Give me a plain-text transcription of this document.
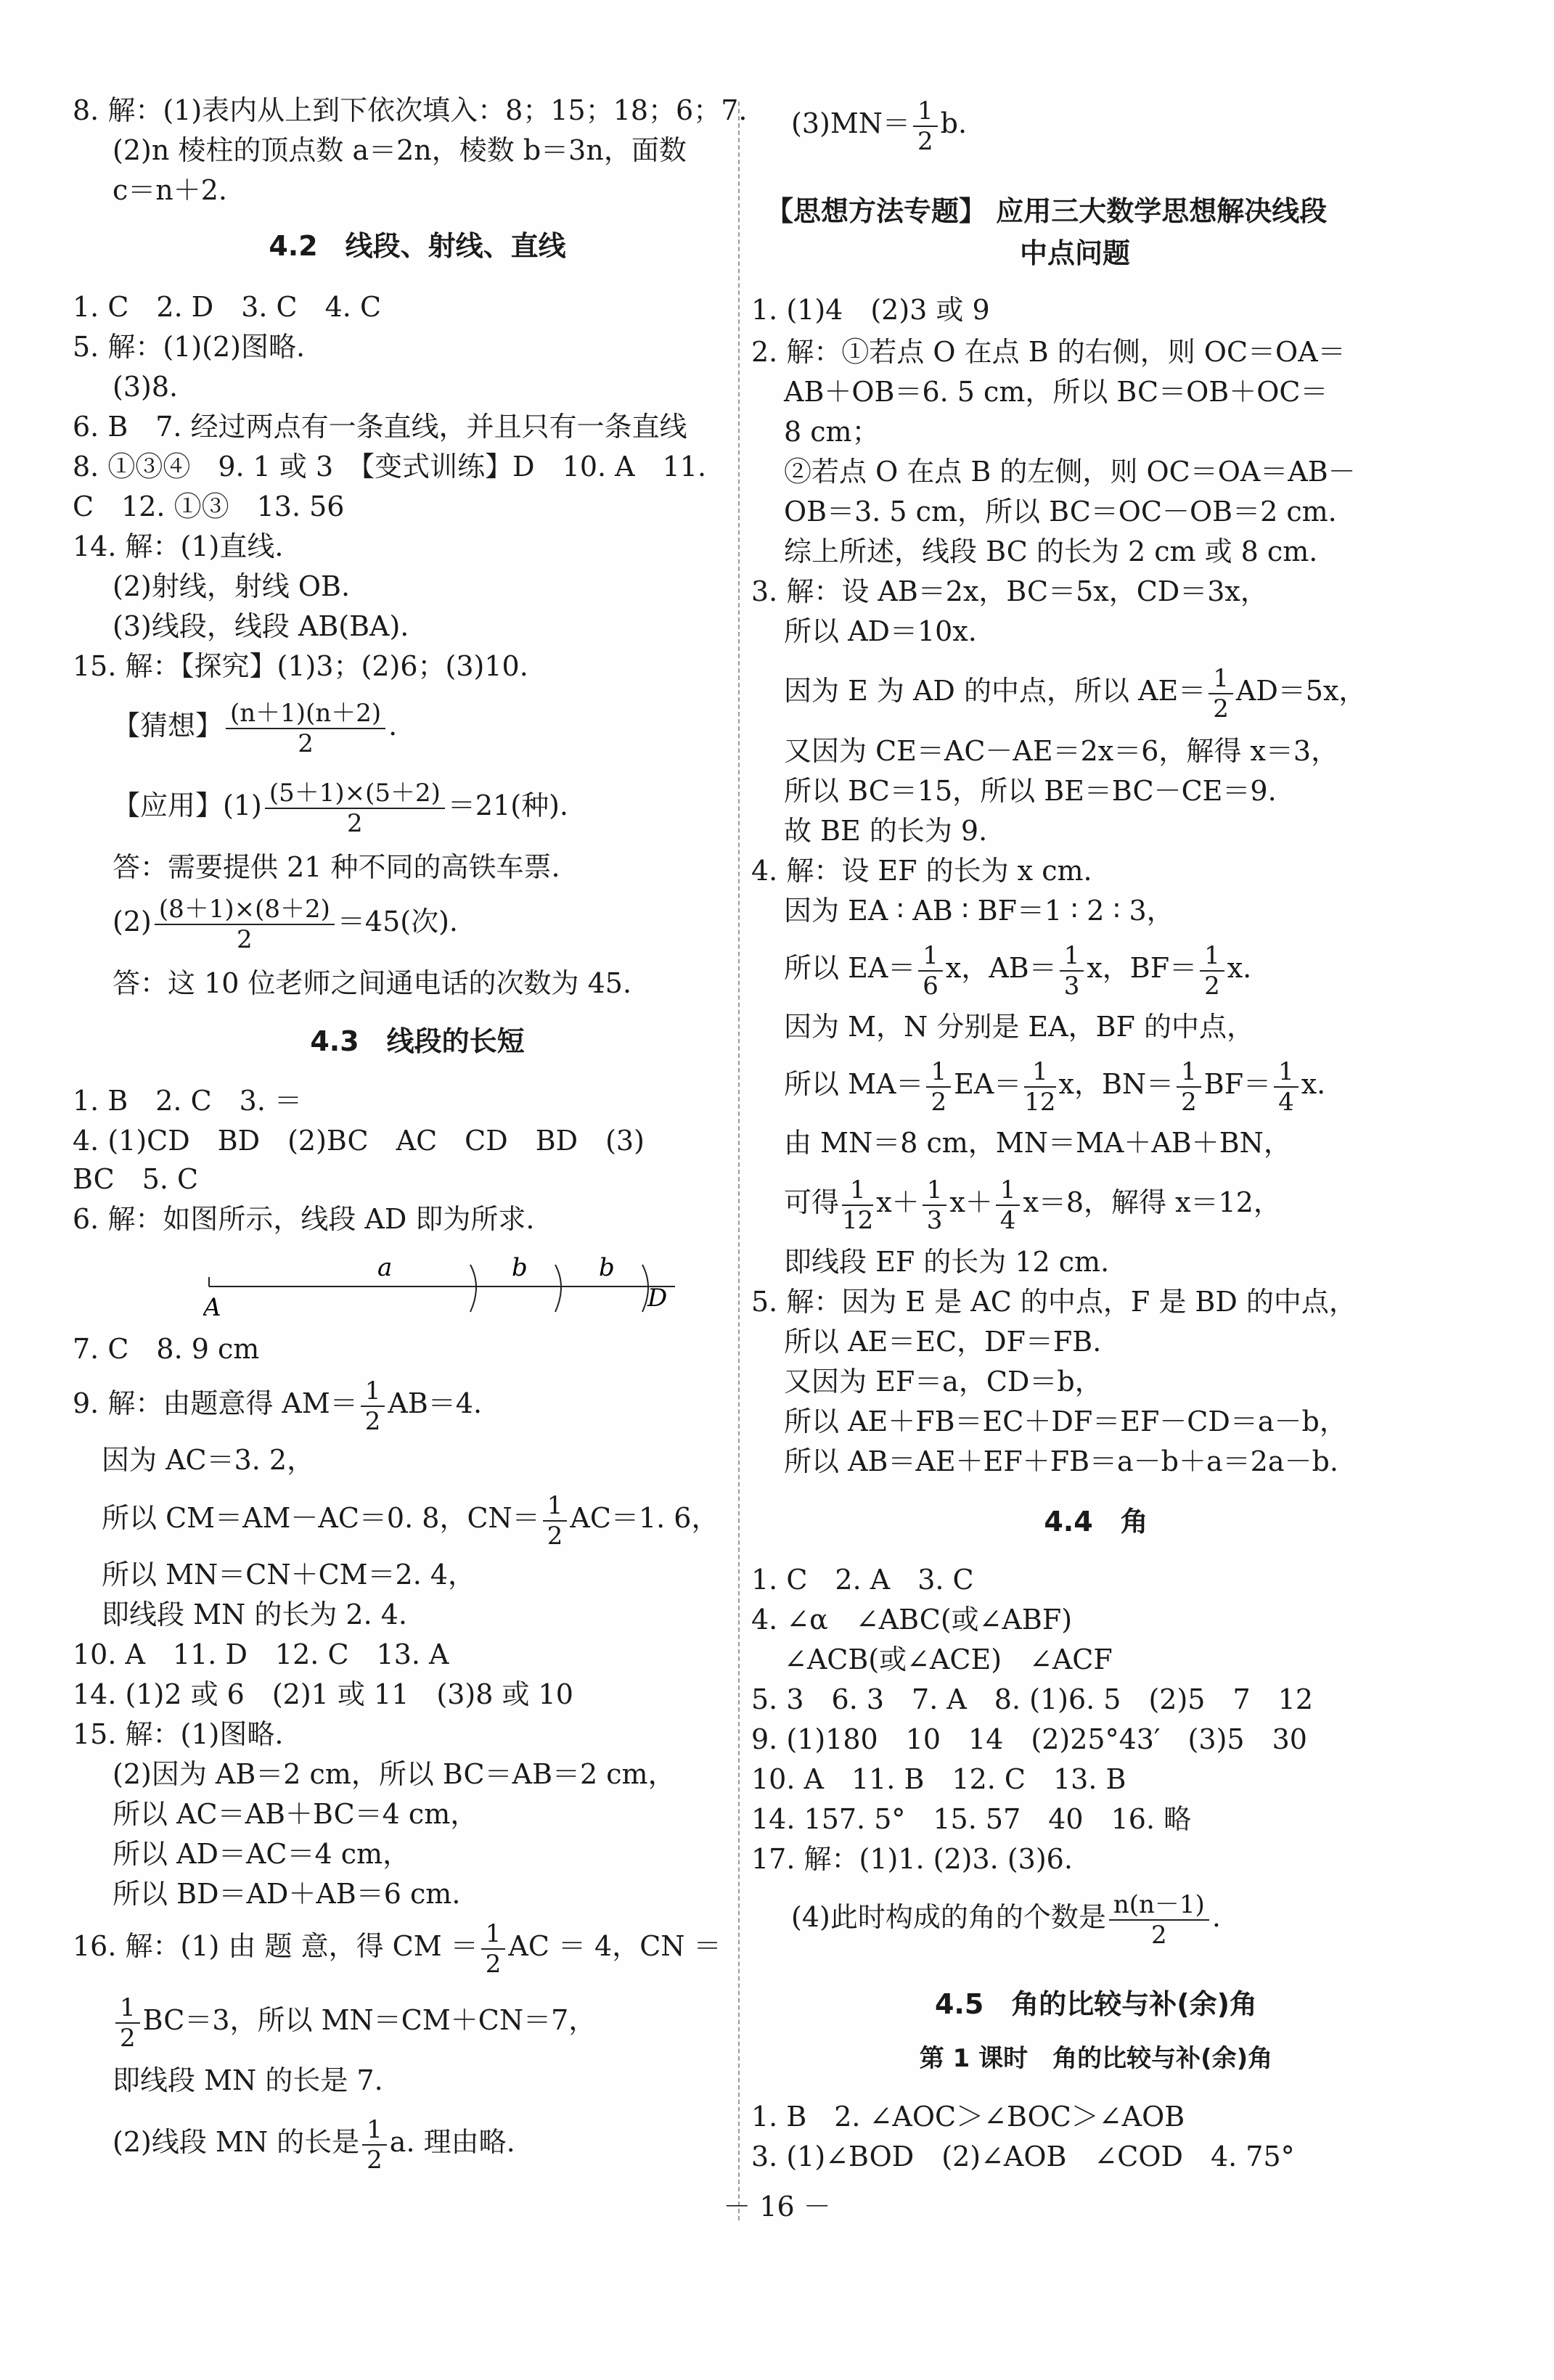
8. 解：(1)表内从上到下依次填入：8；15；18；6；7.
(2)n 棱柱的顶点数 a＝2n，棱数 b＝3n，面数
c＝n＋2.
4.2　线段、射线、直线
1. C　2. D　3. C　4. C
5. 解：(1)(2)图略.
(3)8.
6. B　7. 经过两点有一条直线，并且只有一条直线
8. ①③④　9. 1 或 3　【变式训练】D　10. A　11.
C　12. ①③　13. 56
14. 解：(1)直线.
(2)射线，射线 OB.
(3)线段，线段 AB(BA).
15. 解：【探究】(1)3；(2)6；(3)10.
【猜想】 $\frac{(n+1)(n+2)}{2}$ .
【应用】$(1) \frac{(5+1)\times(5+2)}{2} =21$(种).
答：需要提供 21 种不同的高铁车票.
$(2) \frac{(8+1)\times(8+2)}{2} =45$(次).
答：这 10 位老师之间通电话的次数为 45.
4.3　线段的长短
1. B　2. C　3. ＝
4. (1)CD　BD　(2)BC　AC　CD　BD　(3)
BC　5. C
6. 解：如图所示，线段 AD 即为所求.
a	b	b
A	D
7. C　8. 9 cm
9. 解：由题意得 $AM= \frac{1}{2} AB=4$.
因为 AC＝3. 2，
所以 CM＝AM－AC＝0. 8，$CN= \frac{1}{2} AC=1$. 6，
所以 MN＝CN＋CM＝2. 4，
即线段 MN 的长为 2. 4.
10. A　11. D　12. C　13. A
14. (1)2 或 6　(2)1 或 11　(3)8 或 10
15. 解：(1)图略.
(2)因为 AB＝2 cm，所以 BC＝AB＝2 cm，
所以 AC＝AB＋BC＝4 cm，
所以 AD＝AC＝4 cm，
所以 BD＝AD＋AB＝6 cm.
16. 解：(1) 由 题 意，得 CM ＝ $\frac{1}{2}$ AC ＝ 4，CN ＝
$\frac{1}{2} BC=3$，所以 MN＝CM＋CN＝7，
即线段 MN 的长是 7.
(2)线段 MN 的长是 $\frac{1}{2} a$. 理由略.
$(3)MN= \frac{1}{2} b$.
【思想方法专题】 应用三大数学思想解决线段
中点问题
1. (1)4　(2)3 或 9
2. 解：①若点 O 在点 B 的右侧，则 OC＝OA＝
AB＋OB＝6. 5 cm，所以 BC＝OB＋OC＝
8 cm；
②若点 O 在点 B 的左侧，则 OC＝OA＝AB－
OB＝3. 5 cm，所以 BC＝OC－OB＝2 cm.
综上所述，线段 BC 的长为 2 cm 或 8 cm.
3. 解：设 AB＝2x，BC＝5x，CD＝3x，
所以 AD＝10x.
因为 E 为 AD 的中点，所以 $AE= \frac{1}{2} AD=5x$，
又因为 CE＝AC－AE＝2x＝6，解得 x＝3，
所以 BC＝15，所以 BE＝BC－CE＝9.
故 BE 的长为 9.
4. 解：设 EF 的长为 x cm.
因为 EA ∶ AB ∶ BF＝1 ∶ 2 ∶ 3，
所以 $EA= \frac{1}{6}$ x，$AB= \frac{1}{3}$ x，$BF= \frac{1}{2} x$.
因为 M，N 分别是 EA，BF 的中点，
所以 $MA= \frac{1}{2} EA= \frac{1}{12}$ x，$BN= \frac{1}{2} BF= \frac{1}{4} x$.
由 MN＝8 cm，MN＝MA＋AB＋BN，
可得 $\frac{1}{12} x+ \frac{1}{3} x+ \frac{1}{4} x=8$，解得 x＝12，
即线段 EF 的长为 12 cm.
5. 解：因为 E 是 AC 的中点，F 是 BD 的中点，
所以 AE＝EC，DF＝FB.
又因为 EF＝a，CD＝b，
所以 AE＋FB＝EC＋DF＝EF－CD＝a－b，
所以 AB＝AE＋EF＋FB＝a－b＋a＝2a－b.
4.4　角
1. C　2. A　3. C
4. ∠α　∠ABC(或∠ABF)
∠ACB(或∠ACE)　∠ACF
5. 3　6. 3　7. A　8. (1)6. 5　(2)5　7　12
9. (1)180　10　14　(2)25°43′　(3)5　30
10. A　11. B　12. C　13. B
14. 157. 5°　15. 57　40　16. 略
17. 解：(1)1. (2)3. (3)6.
(4)此时构成的角的个数是 $\frac{n(n-1)}{2}$ .
4.5　角的比较与补(余)角
第 1 课时　角的比较与补(余)角
1. B　2. ∠AOC＞∠BOC＞∠AOB
3. (1)∠BOD　(2)∠AOB　∠COD　4. 75°
－ 16 －
